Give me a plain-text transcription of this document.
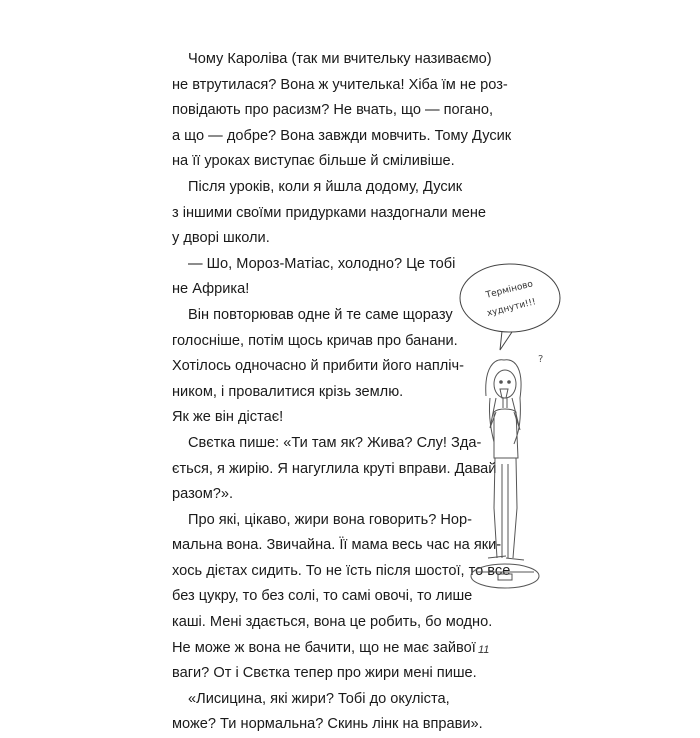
Чому Кароліва (так ми вчительку називаємо)
не втрутилася? Вона ж учителька! Хіба їм не роз-
повідають про расизм? Не вчать, що — погано,
а що — добре? Вона завжди мовчить. Тому Дусик
на її уроках виступає більше й сміливіше.
Після уроків, коли я йшла додому, Дусик
з іншими своїми придурками наздогнали мене
у дворі школи.
— Шо, Мороз-Матіас, холодно? Це тобі
не Африка!
Він повторював одне й те саме щоразу
голосніше, потім щось кричав про банани.
Хотілось одночасно й прибити його напліч-
ником, і провалитися крізь землю.
Як же він дістає!
Свєтка пише: «Ти там як? Жива? Слу! Зда-
ється, я жирію. Я нагуглила круті вправи. Давай
разом?».
Про які, цікаво, жири вона говорить? Нор-
мальна вона. Звичайна. Її мама весь час на яки-
хось дієтах сидить. То не їсть після шостої, то все
без цукру, то без солі, то самі овочі, то лише
каші. Мені здається, вона це робить, бо модно.
Не може ж вона не бачити, що не має зайвої
ваги? От і Свєтка тепер про жири мені пише.
«Лисицина, які жири? Тобі до окуліста,
може? Ти нормальна? Скинь лінк на вправи».
Терміново
худнути!!!
?
11
